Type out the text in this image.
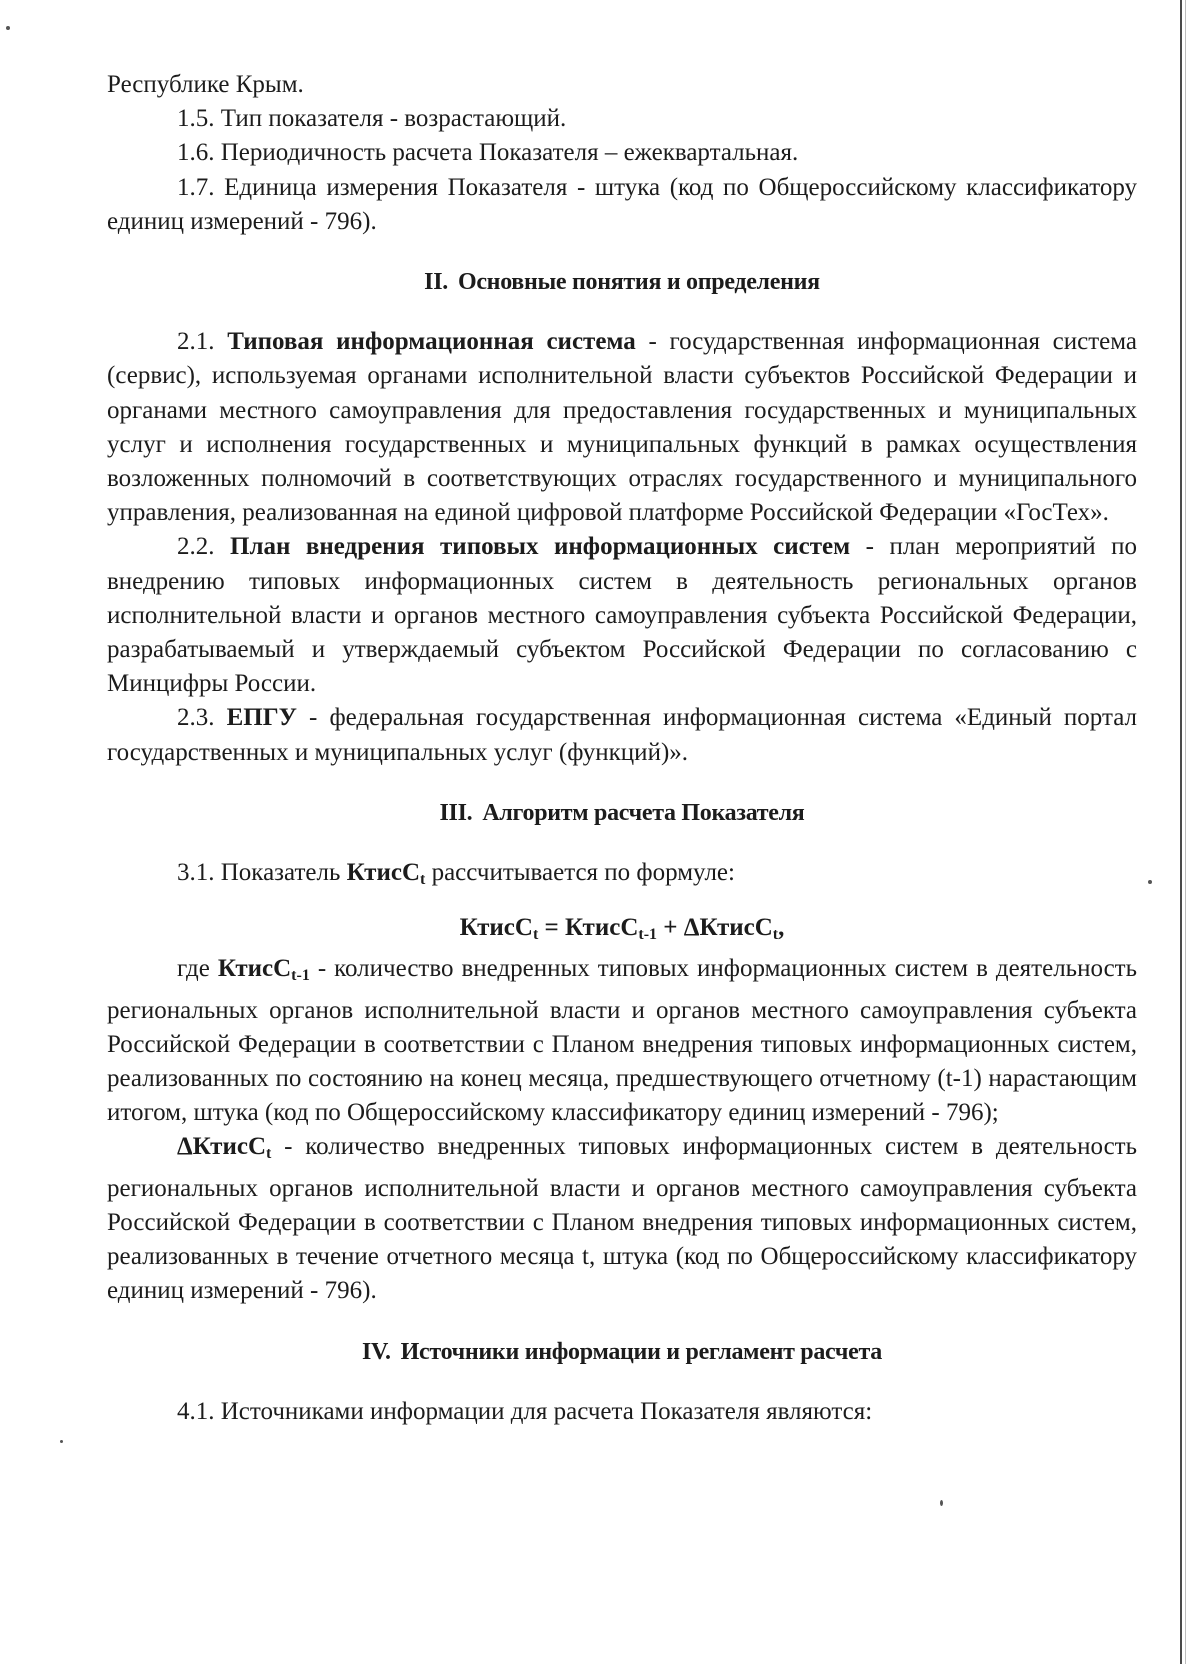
Республике Крым.

1.5. Тип показателя - возрастающий.

1.6. Периодичность расчета Показателя – ежеквартальная.

1.7. Единица измерения Показателя - штука (код по Общероссийскому классификатору единиц измерений - 796).

II. Основные понятия и определения

2.1. Типовая информационная система - государственная информационная система (сервис), используемая органами исполнительной власти субъектов Российской Федерации и органами местного самоуправления для предоставления государственных и муниципальных услуг и исполнения государственных и муниципальных функций в рамках осуществления возложенных полномочий в соответствующих отраслях государственного и муниципального управления, реализованная на единой цифровой платформе Российской Федерации «ГосТех».

2.2. План внедрения типовых информационных систем - план мероприятий по внедрению типовых информационных систем в деятельность региональных органов исполнительной власти и органов местного самоуправления субъекта Российской Федерации, разрабатываемый и утверждаемый субъектом Российской Федерации по согласованию с Минцифры России.

2.3. ЕПГУ - федеральная государственная информационная система «Единый портал государственных и муниципальных услуг (функций)».

III. Алгоритм расчета Показателя

3.1. Показатель КтисС$_t$ рассчитывается по формуле:

КтисС$_t$ = КтисС$_{t-1}$ + ΔКтисС$_t$,

где КтисС$_{t-1}$ - количество внедренных типовых информационных систем в деятельность региональных органов исполнительной власти и органов местного самоуправления субъекта Российской Федерации в соответствии с Планом внедрения типовых информационных систем, реализованных по состоянию на конец месяца, предшествующего отчетному (t-1) нарастающим итогом, штука (код по Общероссийскому классификатору единиц измерений - 796);

ΔКтисС$_t$ - количество внедренных типовых информационных систем в деятельность региональных органов исполнительной власти и органов местного самоуправления субъекта Российской Федерации в соответствии с Планом внедрения типовых информационных систем, реализованных в течение отчетного месяца t, штука (код по Общероссийскому классификатору единиц измерений - 796).

IV. Источники информации и регламент расчета

4.1. Источниками информации для расчета Показателя являются:
